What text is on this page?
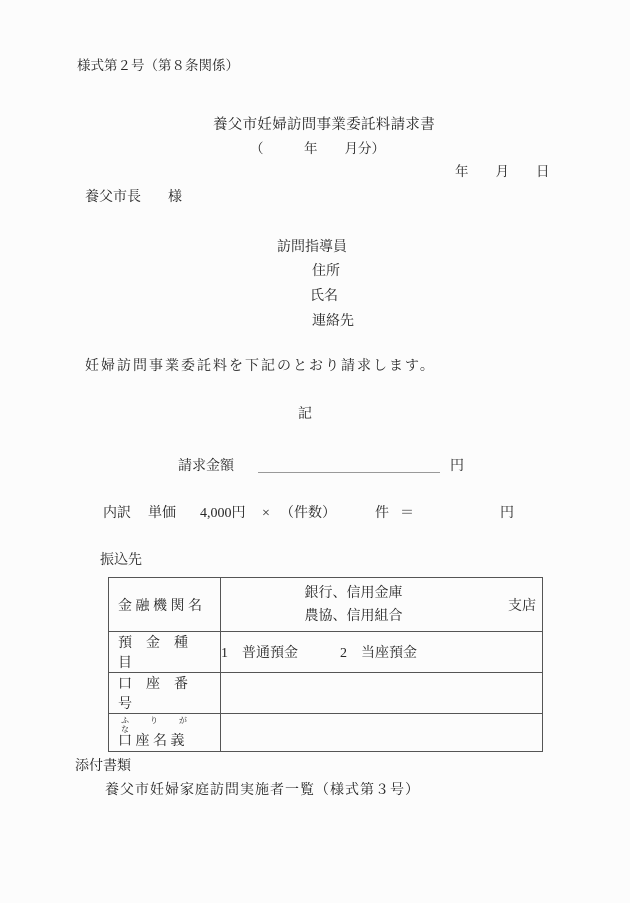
様式第２号（第８条関係）
養父市妊婦訪問事業委託料請求書
（　　　年　　月分）
年　　月　　日
養父市長 様
訪問指導員
住所
氏名
連絡先
妊婦訪問事業委託料を下記のとおり請求します。
記
請求金額	円
内訳 単価 4,000円 × （件数）	件 ＝	円
振込先
金 融 機 関 名	銀行、信用金庫
農協、信用組合
支店

預　金　種　目	1　普通預金　　　2　当座預金
口　座　番　号	

ふ り が な
口 座 名 義	

添付書類
養父市妊婦家庭訪問実施者一覧（様式第３号）
